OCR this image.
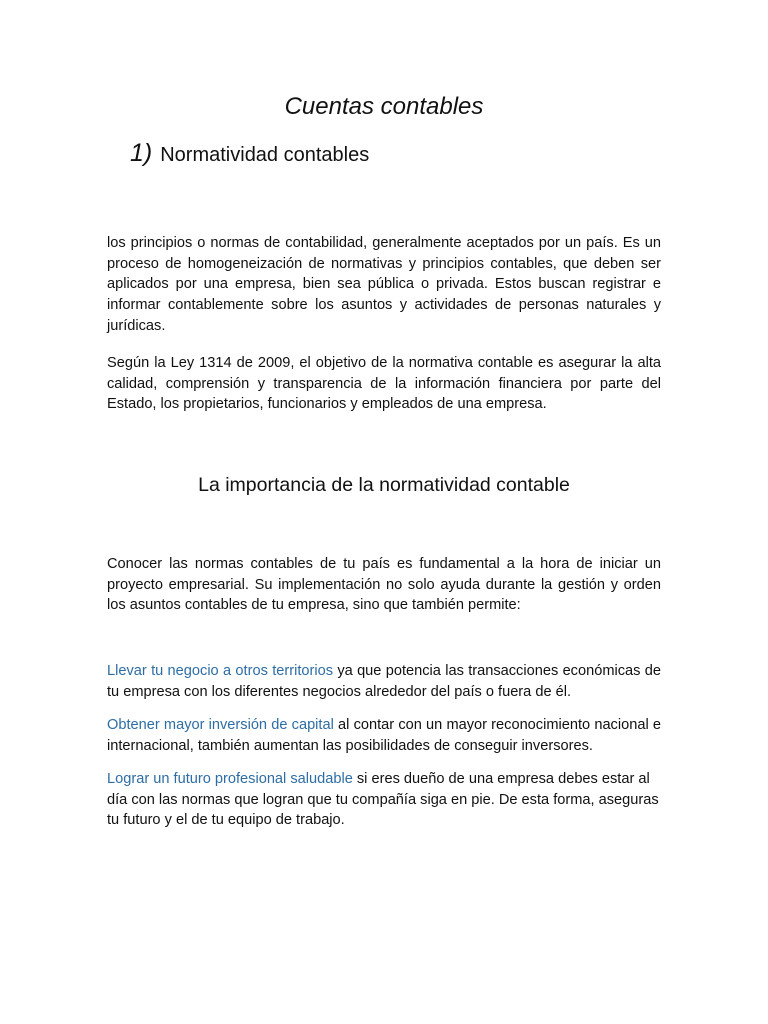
Cuentas contables
1) Normatividad contables

los principios o normas de contabilidad, generalmente aceptados por un país. Es un proceso de homogeneización de normativas y principios contables, que deben ser aplicados por una empresa, bien sea pública o privada. Estos buscan registrar e informar contablemente sobre los asuntos y actividades de personas naturales y jurídicas.

Según la Ley 1314 de 2009, el objetivo de la normativa contable es asegurar la alta calidad, comprensión y transparencia de la información financiera por parte del Estado, los propietarios, funcionarios y empleados de una empresa.

La importancia de la normatividad contable

Conocer las normas contables de tu país es fundamental a la hora de iniciar un proyecto empresarial. Su implementación no solo ayuda durante la gestión y orden los asuntos contables de tu empresa, sino que también permite:

Llevar tu negocio a otros territorios ya que potencia las transacciones económicas de tu empresa con los diferentes negocios alrededor del país o fuera de él.

Obtener mayor inversión de capital al contar con un mayor reconocimiento nacional e internacional, también aumentan las posibilidades de conseguir inversores.

Lograr un futuro profesional saludable si eres dueño de una empresa debes estar al día con las normas que logran que tu compañía siga en pie. De esta forma, aseguras tu futuro y el de tu equipo de trabajo.
